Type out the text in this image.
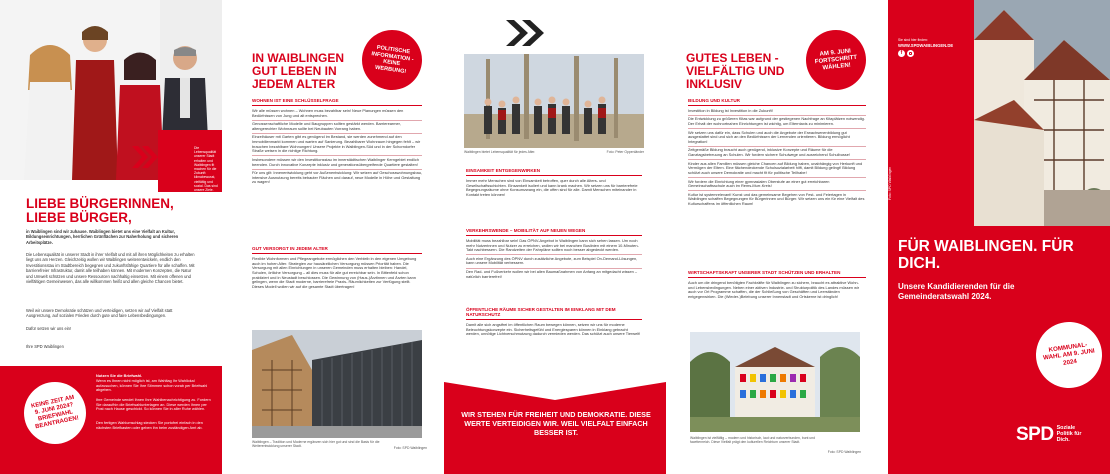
Die Lebensqualität unserer Stadt erhalten und Waiblingen fit machen für die Zukunft: klimabewusst, vielfältig und sozial. Das sind unsere Ziele.
LIEBE BÜRGERINNEN, LIEBE BÜRGER,
in Waiblingen sind wir zuhause. Waiblingen bietet uns eine Vielfalt an Kultur, Bildungseinrichtungen, herrlichen Grünflächen zur Naherholung und sicheren Arbeitsplätze.
Die Lebensqualität in unserer Stadt in ihrer Vielfalt und mit all ihren Möglichkeiten zu erhalten liegt uns am Herzen. Gleichzeitig wollen wir Waiblingen weiterentwickeln, endlich den Investitionsstau im Stadtbereich begegnen und zukunftsfähige Quartiere für alle schaffen. Mit barrierefreier Infrastruktur, damit alle teilhaben können. Mit modernen Konzepten, die Natur und Umwelt schützen und unsere Ressourcen nachhaltig einsetzen. Mit einem offenen und vielfältigen Gemeinwesen, das alle willkommen heißt und allen gleiche Chancen bietet.
Weil wir unsere Demokratie schätzen und verteidigen, setzen wir auf Vielfalt statt Ausgrenzung, auf sozialen Frieden durch gute und faire Lebensbedingungen.
Dafür setzen wir uns ein!
Ihre SPD Waiblingen
Nutzen Sie die Briefwahl.
Wenn es Ihnen nicht möglich ist, am Wahltag Ihr Wahllokal aufzusuchen, können Sie Ihre Stimmen schon vorab per Briefwahl abgeben.
Ihre Gemeinde sendet Ihnen Ihre Wahlbenachrichtigung zu. Fordern Sie daraufhin die Briefwahlunterlagen an. Diese werden Ihnen per Post nach Hause geschickt. So können Sie in aller Ruhe wählen.
Den fertigen Wahlumschlag stecken Sie portofrei einfach in den nächsten Briefkasten oder geben ihn beim zuständigen Amt ab.
KEINE ZEIT AM 9. JUNI 2024? BRIEFWAHL BEANTRAGEN!
IN WAIBLINGEN GUT LEBEN IN JEDEM ALTER
POLITISCHE INFORMATION - KEINE WERBUNG!
WOHNEN IST EINE SCHLÜSSELFRAGE
Wir alle müssen wohnen – Wohnen muss bezahlbar sein! Neue Planungen müssen den Bedürfnissen von Jung und alt entsprechen.
Genossenschaftliche Modelle und Baugruppen sollten gestärkt werden. Barrierearmer, altengerechter Wohnraum sollte bei Neubauten Vorrang haben.
Einzelhäuser mit Garten gibt es genügend im Bestand, sie werden zunehmend auf den Immobilienmarkt kommen und warten auf Sanierung. Bezahlbarer Wohnraum hingegen fehlt – wir brauchen bezahlbare Wohnungen! Unsere Projekte in Waiblingen-Süd und in der Schorndorfer Straße weisen in die richtige Richtung.
Insbesondere müssen wir den Investitionsstau im innerstädtischen Waiblinger Kerngebiet endlich beenden. Durch innovative Konzepte inklusiv und generationsübergreifende Quartiere gestalten!
Für uns gilt: Innenentwicklung geht vor Außenentwicklung: Wir setzen auf Geschosswohnungsbau, intensive Ausnutzung bereits bebauter Flächen und darauf, neue Modelle in Höhe und Gestaltung zu wagen!
GUT VERSORGT IN JEDEM ALTER
Flexible Wohnformen und Pflegeangebote ermöglichen den Verbleib in den eigenen Umgebung auch im hohen Alter. Strategien zur hausärztlichen Versorgung müssen Priorität haben. Die Versorgung mit allen Einrichtungen in unseren Gemeinden muss erhalten bleiben: Handel, Schulen, örtliche Versorgung – all dies muss für alle gut erreichbar sein. In Bittenfeld schon praktiziert und in Neustadt beschlossen. Die Gewinnung von (Haus-)Ärztinnen und Ärzten kann gelingen, wenn die Stadt moderne, barrierefreie Praxis- Räumlichkeiten zur Verfügung stellt. Dieses Modell wollen wir auf die gesamte Stadt übertragen!
Waiblingen – Tradition und Moderne ergänzen sich hier gut und sind die Basis für die Weiterentwicklung unserer Stadt.	Foto: SPD Waiblingen
Waiblingen bietet Lebensqualität für jedes Alter.	Foto: Peter Oppenländer
EINSAMKEIT ENTGEGENWIRKEN
Immer mehr Menschen sind von Einsamkeit betroffen, quer durch alle Alters- und Gesellschaftsschichten. Einsamkeit isoliert und kann krank machen. Wir setzen uns für barrierefreie Begegnungsräume ohne Konsumzwang ein, die offen sind für alle. Damit Menschen miteinander in Kontakt treten können!
VERKEHRSWENDE – MOBILITÄT AUF NEUEN WEGEN
Mobilität muss bezahlbar sein! Das ÖPNV-Angebot in Waiblingen kann sich sehen lassen. Um noch mehr Nutzerinnen und Nutzer zu erreichen, wollen wir bei manchen Buslinien mit einem 10-Minuten-Takt nachbessern. Die Randzeiten der Fahrpläne sollten noch besser abgedeckt werden.
Auch eine Ergänzung des ÖPNV durch zusätzliche Angebote, zum Beispiel On-Demand-Lösungen, kann unsere Mobilität verbessern.
Den Rad- und Fußverkehr wollen wir bei allen Baumaßnahmen von Anfang an mitgedacht wissen – natürlich barrierefrei!
ÖFFENTLICHE RÄUME SICHER GESTALTEN IM EINKLANG MIT DEM NATURSCHUTZ
Damit alle sich angstfrei im öffentlichen Raum bewegen können, setzen wir uns für moderne Beleuchtungskonzepte ein. Sicherheitsgefühl und Energiesparen können in Einklang gebracht werden, unnötige Lichtverschmutzung dadurch vermieden werden. Das schützt auch unsere Tierwelt!
WIR STEHEN FÜR FREIHEIT UND DEMOKRATIE. DIESE WERTE VERTEIDIGEN WIR. WEIL VIELFALT EINFACH BESSER IST.
GUTES LEBEN - VIELFÄLTIG UND INKLUSIV
AM 9. JUNI FORTSCHRITT WÄHLEN!
BILDUNG UND KULTUR
Investition in Bildung ist Investition in die Zukunft!
Die Entwicklung zu größeren Kitas war aufgrund der gestiegenen Nachfrage an Kitaplätzen notwendig. Der Erhalt der wohnortnahen Einrichtungen ist wichtig, um Elterntaxis zu minimieren.
Wir setzen uns dafür ein, dass Schulen und auch die Angebote der Erwachsenenbildung gut ausgestattet sind und sich an den Bedürfnissen der Lernenden orientieren. Bildung ermöglicht Integration!
Zeitgemäße Bildung braucht auch genügend, inklusive Konzepte und Räume für die Ganztagsbetreuung an Schulen. Wir fordern sichere Schulwege und ausreichend Schulbusse!
Kinder aus allen Familien müssen gleiche Chancen auf Bildung haben, unabhängig von Herkunft und Vermögen der Eltern. Eine flächendeckende Schulsozialarbeit hilft, damit Bildung gelingt! Bildung schützt auch unsere Demokratie und macht fit für politische Teilhabe!
Wir fordern die Einrichtung einer gymnasialen Oberstufe an einer gut erreichbaren Gemeinschaftsschule auch im Rems-Murr-Kreis!
Kultur ist systemrelevant! Kunst und das gemeinsame Begehen von Fest- und Feiertagen in Waiblingen schaffen Begegnungen für Bürgerinnen und Bürger. Wir setzen uns ein für eine Vielfalt des Kulturschaffens im öffentlichen Raum!
WIRTSCHAFTSKRAFT UNSERER STADT SCHÜTZEN UND ERHALTEN
Auch um die dringend benötigten Fachkräfte für Waiblingen zu sichern, braucht es attraktive Wohn- und Lebensbedingungen. Neben einer aktiven Industrie- und Strukturpolitik des Landes müssen wir auch vor Ort Programme schaffen, die der Schließung von Geschäften und Leerständen entgegenwirken. Die (Wieder-)Belebung unserer Innenstadt und Ortskerne ist dringlich!
Waiblingen ist vielfältig – modern und historisch, laut und naturverbunden, bunt und facettenreich. Diese Vielfalt prägt den kulturellen Reichtum unserer Stadt.
Foto: SPD Waiblingen
Sie sind hier finden:
WWW.SPDWAIBLINGEN.DE
f
Foto: SPD Waiblingen
FÜR WAIBLINGEN. FÜR DICH.
Unsere Kandidierenden für die Gemeinderatswahl 2024.
KOMMUNAL-WAHL AM 9. JUNI 2024
SPD Soziale Politik für Dich.
